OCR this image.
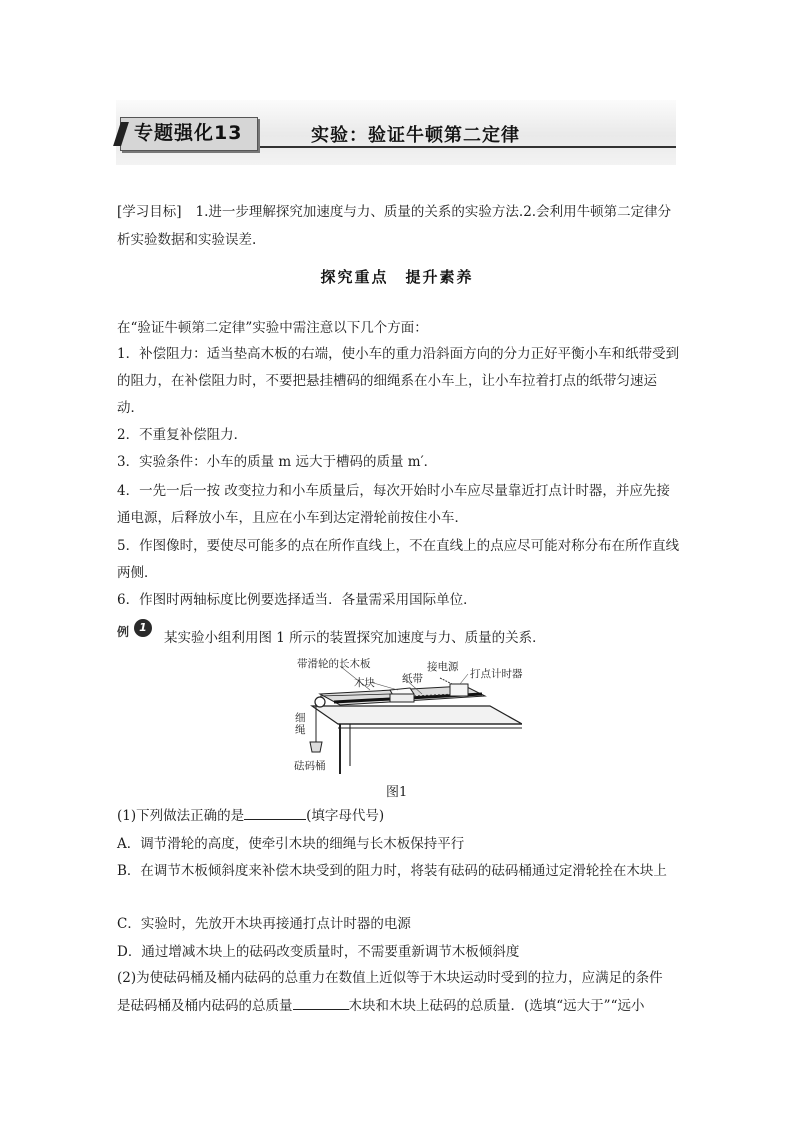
专题强化13	实验：验证牛顿第二定律
[学习目标] 1.进一步理解探究加速度与力、质量的关系的实验方法.2.会利用牛顿第二定律分析实验数据和实验误差.
探究重点　提升素养
在“验证牛顿第二定律”实验中需注意以下几个方面：
1．补偿阻力：适当垫高木板的右端，使小车的重力沿斜面方向的分力正好平衡小车和纸带受到的阻力，在补偿阻力时，不要把悬挂槽码的细绳系在小车上，让小车拉着打点的纸带匀速运动．
2．不重复补偿阻力．
3．实验条件：小车的质量 m 远大于槽码的质量 m′．
4．一先一后一按 改变拉力和小车质量后，每次开始时小车应尽量靠近打点计时器，并应先接通电源，后释放小车，且应在小车到达定滑轮前按住小车．
5．作图像时，要使尽可能多的点在所作直线上，不在直线上的点应尽可能对称分布在所作直线两侧．
6．作图时两轴标度比例要选择适当．各量需采用国际单位．
例 1
某实验小组利用图 1 所示的装置探究加速度与力、质量的关系．
带滑轮的长木板	接电源
打点计时器
木块	纸带
细绳
砝码桶
图1
(1)下列做法正确的是	(填字母代号)
A．调节滑轮的高度，使牵引木块的细绳与长木板保持平行
B．在调节木板倾斜度来补偿木块受到的阻力时，将装有砝码的砝码桶通过定滑轮拴在木块上
C．实验时，先放开木块再接通打点计时器的电源
D．通过增减木块上的砝码改变质量时，不需要重新调节木板倾斜度
(2)为使砝码桶及桶内砝码的总重力在数值上近似等于木块运动时受到的拉力，应满足的条件
是砝码桶及桶内砝码的总质量	木块和木块上砝码的总质量．(选填“远大于”“远小
